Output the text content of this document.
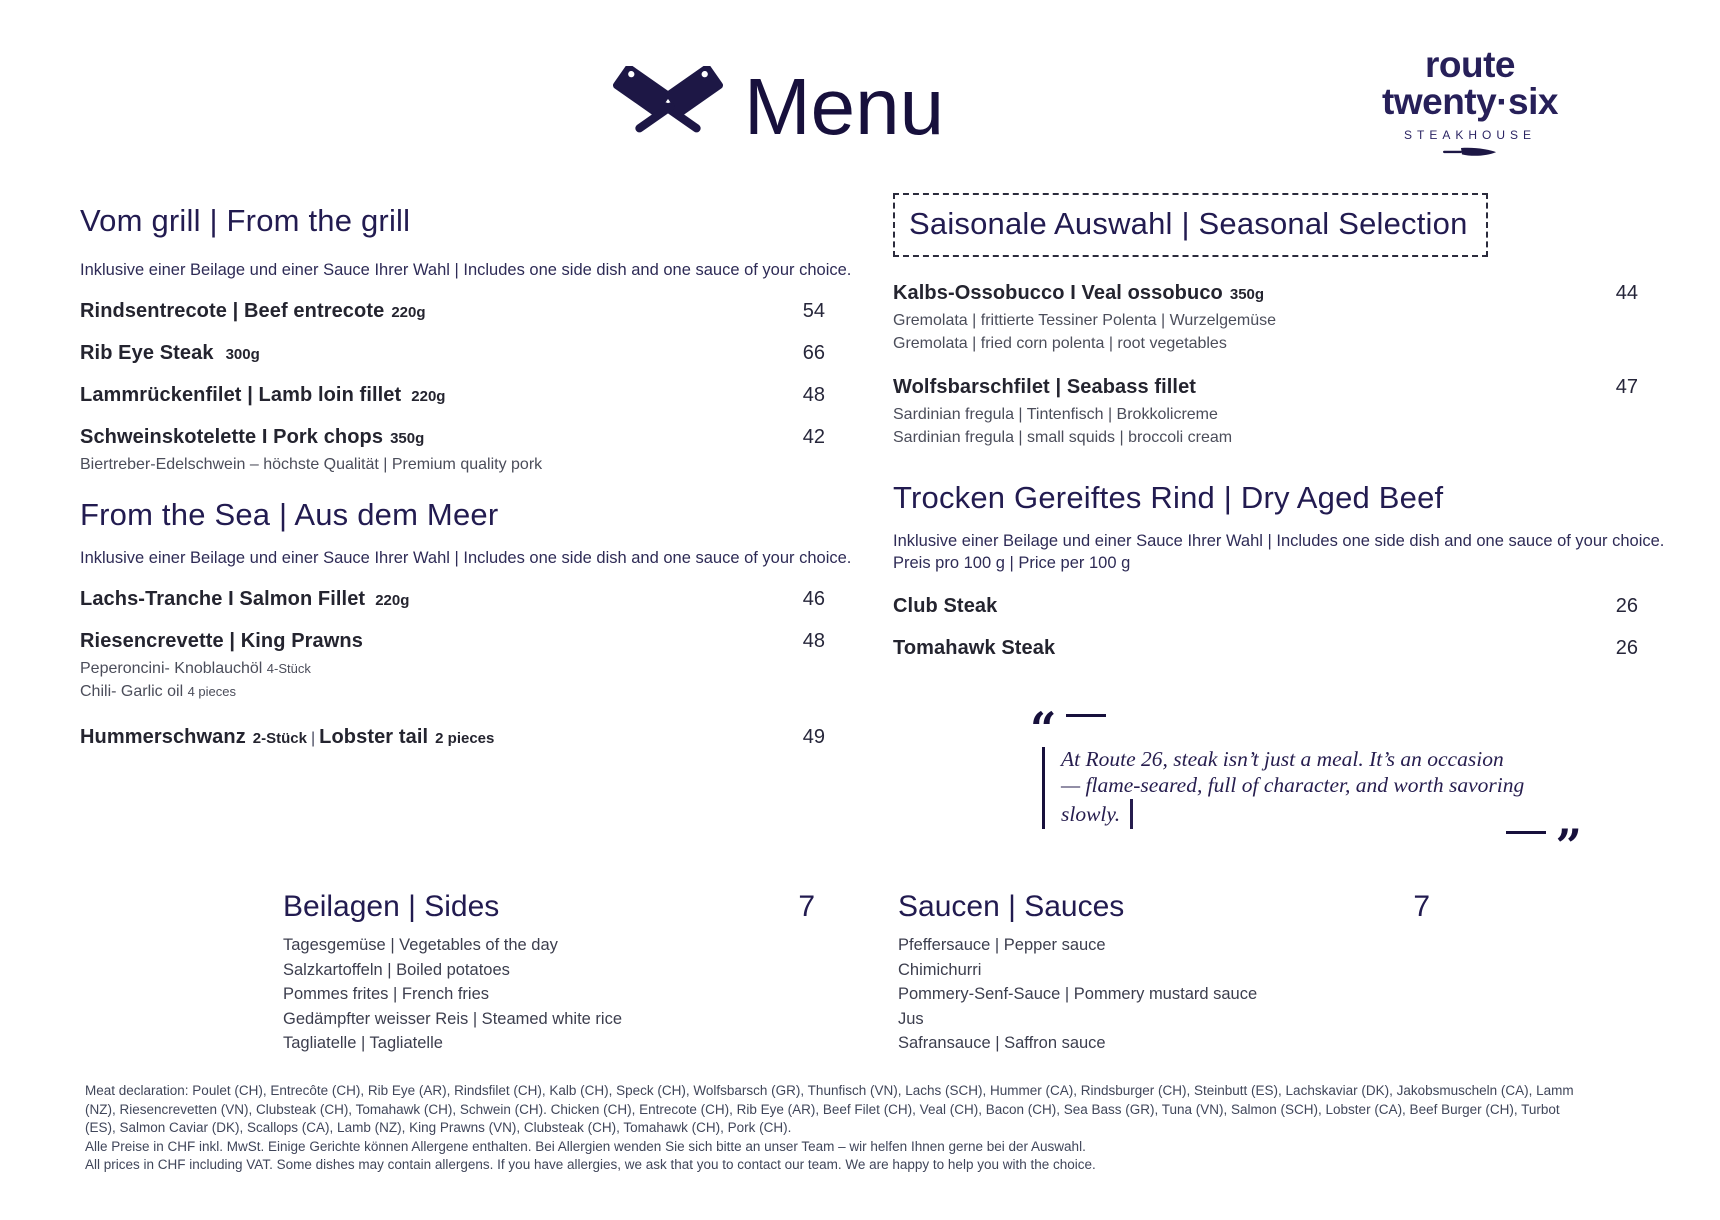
Menu	route twenty·six
STEAKHOUSE
Vom grill | From the grill
Inklusive einer Beilage und einer Sauce Ihrer Wahl | Includes one side dish and one sauce of your choice.
Rindsentrecote | Beef entrecote 220g	54
Rib Eye Steak 300g	66
Lammrückenfilet | Lamb loin fillet 220g	48
Schweinskotelette I Pork chops 350g	42
Biertreber-Edelschwein – höchste Qualität | Premium quality pork
From the Sea | Aus dem Meer
Inklusive einer Beilage und einer Sauce Ihrer Wahl | Includes one side dish and one sauce of your choice.
Lachs-Tranche I Salmon Fillet 220g	46
Riesencrevette | King Prawns	48
Peperoncini- Knoblauchöl 4-Stück
Chili- Garlic oil 4 pieces
Hummerschwanz 2-Stück | Lobster tail 2 pieces	49
Saisonale Auswahl | Seasonal Selection
Kalbs-Ossobucco I Veal ossobuco 350g	44
Gremolata | frittierte Tessiner Polenta | Wurzelgemüse
Gremolata | fried corn polenta | root vegetables
Wolfsbarschfilet | Seabass fillet	47
Sardinian fregula | Tintenfisch | Brokkolicreme
Sardinian fregula | small squids | broccoli cream
Trocken Gereiftes Rind | Dry Aged Beef
Inklusive einer Beilage und einer Sauce Ihrer Wahl | Includes one side dish and one sauce of your choice.
Preis pro 100 g | Price per 100 g
Club Steak	26
Tomahawk Steak	26
“
At Route 26, steak isn’t just a meal. It’s an occasion
— flame-seared, full of character, and worth savoring slowly.
”
Beilagen | Sides	7
Tagesgemüse | Vegetables of the day
Salzkartoffeln | Boiled potatoes
Pommes frites | French fries
Gedämpfter weisser Reis | Steamed white rice
Tagliatelle | Tagliatelle
Saucen | Sauces	7
Pfeffersauce | Pepper sauce
Chimichurri
Pommery-Senf-Sauce | Pommery mustard sauce
Jus
Safransauce | Saffron sauce

Meat declaration: Poulet (CH), Entrecôte (CH), Rib Eye (AR), Rindsfilet (CH), Kalb (CH), Speck (CH), Wolfsbarsch (GR), Thunfisch (VN), Lachs (SCH), Hummer (CA), Rindsburger (CH), Steinbutt (ES), Lachskaviar (DK), Jakobsmuscheln (CA), Lamm (NZ), Riesencrevetten (VN), Clubsteak (CH), Tomahawk (CH), Schwein (CH). Chicken (CH), Entrecote (CH), Rib Eye (AR), Beef Filet (CH), Veal (CH), Bacon (CH), Sea Bass (GR), Tuna (VN), Salmon (SCH), Lobster (CA), Beef Burger (CH), Turbot (ES), Salmon Caviar (DK), Scallops (CA), Lamb (NZ), King Prawns (VN), Clubsteak (CH), Tomahawk (CH), Pork (CH).

Alle Preise in CHF inkl. MwSt. Einige Gerichte können Allergene enthalten. Bei Allergien wenden Sie sich bitte an unser Team – wir helfen Ihnen gerne bei der Auswahl.

All prices in CHF including VAT. Some dishes may contain allergens. If you have allergies, we ask that you to contact our team. We are happy to help you with the choice.
